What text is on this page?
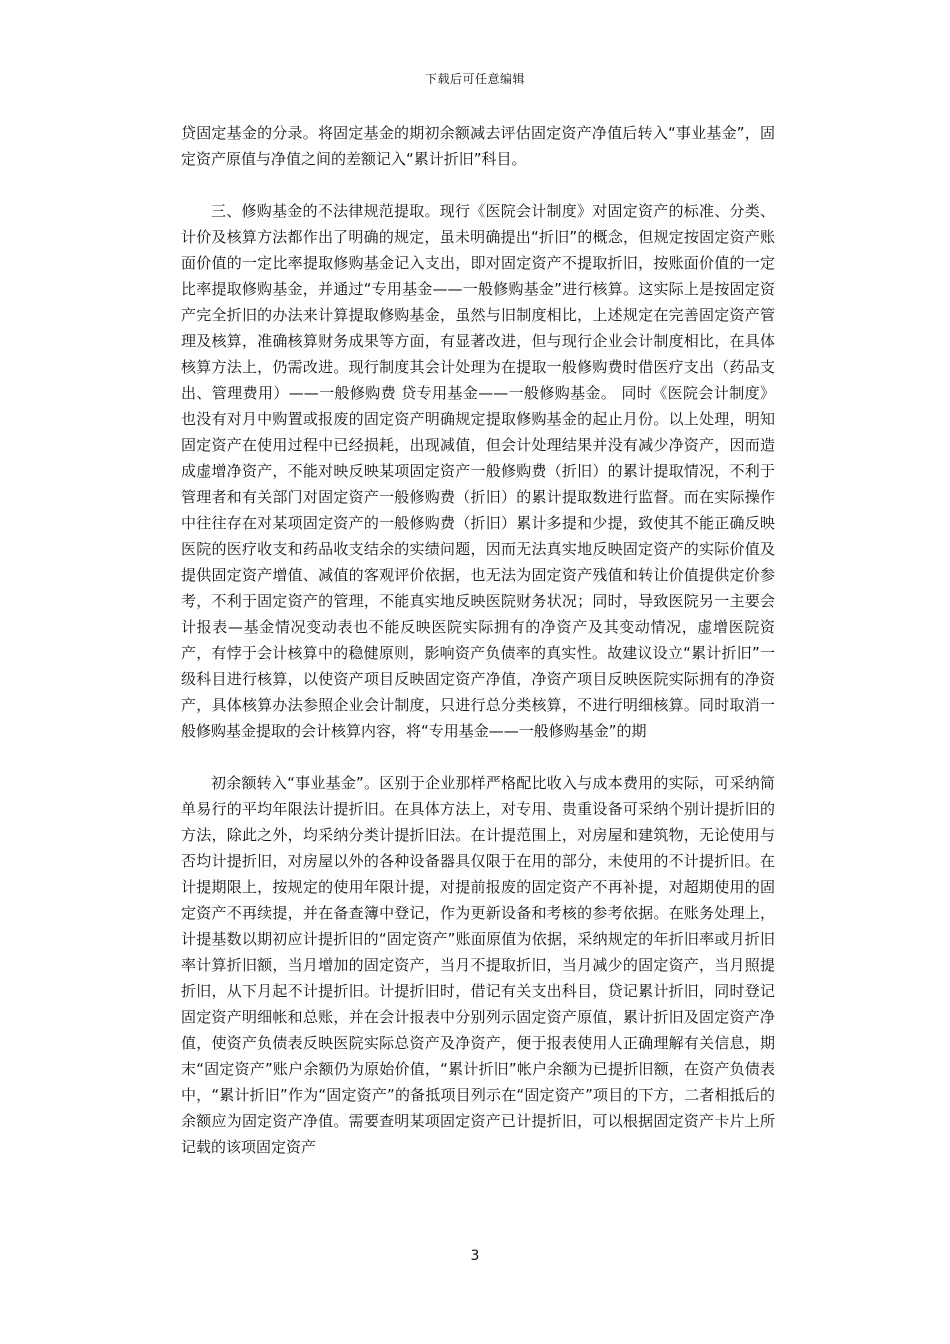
下载后可任意编辑

贷固定基金的分录。将固定基金的期初余额减去评估固定资产净值后转入“事业基金”，固定资产原值与净值之间的差额记入“累计折旧”科目。

三、修购基金的不法律规范提取。现行《医院会计制度》对固定资产的标准、分类、计价及核算方法都作出了明确的规定，虽未明确提出“折旧”的概念，但规定按固定资产账面价值的一定比率提取修购基金记入支出，即对固定资产不提取折旧，按账面价值的一定比率提取修购基金，并通过“专用基金——一般修购基金”进行核算。这实际上是按固定资产完全折旧的办法来计算提取修购基金，虽然与旧制度相比，上述规定在完善固定资产管理及核算，准确核算财务成果等方面，有显著改进，但与现行企业会计制度相比，在具体核算方法上，仍需改进。现行制度其会计处理为在提取一般修购费时借医疗支出（药品支出、管理费用）——一般修购费 贷专用基金——一般修购基金。 同时《医院会计制度》也没有对月中购置或报废的固定资产明确规定提取修购基金的起止月份。以上处理，明知固定资产在使用过程中已经损耗，出现减值，但会计处理结果并没有减少净资产，因而造成虚增净资产，不能对映反映某项固定资产一般修购费（折旧）的累计提取情况，不利于管理者和有关部门对固定资产一般修购费（折旧）的累计提取数进行监督。而在实际操作中往往存在对某项固定资产的一般修购费（折旧）累计多提和少提，致使其不能正确反映医院的医疗收支和药品收支结余的实绩问题，因而无法真实地反映固定资产的实际价值及提供固定资产增值、减值的客观评价依据，也无法为固定资产残值和转让价值提供定价参考，不利于固定资产的管理，不能真实地反映医院财务状况；同时，导致医院另一主要会计报表—基金情况变动表也不能反映医院实际拥有的净资产及其变动情况，虚增医院资产，有悖于会计核算中的稳健原则，影响资产负债率的真实性。故建议设立“累计折旧”一级科目进行核算，以使资产项目反映固定资产净值，净资产项目反映医院实际拥有的净资产，具体核算办法参照企业会计制度，只进行总分类核算，不进行明细核算。同时取消一般修购基金提取的会计核算内容，将“专用基金——一般修购基金”的期

初余额转入“事业基金”。区别于企业那样严格配比收入与成本费用的实际，可采纳简单易行的平均年限法计提折旧。在具体方法上，对专用、贵重设备可采纳个别计提折旧的方法，除此之外，均采纳分类计提折旧法。在计提范围上，对房屋和建筑物，无论使用与否均计提折旧，对房屋以外的各种设备器具仅限于在用的部分，未使用的不计提折旧。在计提期限上，按规定的使用年限计提，对提前报废的固定资产不再补提，对超期使用的固定资产不再续提，并在备查簿中登记，作为更新设备和考核的参考依据。在账务处理上，计提基数以期初应计提折旧的“固定资产”账面原值为依据，采纳规定的年折旧率或月折旧率计算折旧额，当月增加的固定资产，当月不提取折旧，当月减少的固定资产，当月照提折旧，从下月起不计提折旧。计提折旧时，借记有关支出科目，贷记累计折旧，同时登记固定资产明细帐和总账，并在会计报表中分别列示固定资产原值，累计折旧及固定资产净值，使资产负债表反映医院实际总资产及净资产，便于报表使用人正确理解有关信息，期末“固定资产”账户余额仍为原始价值，“累计折旧”帐户余额为已提折旧额，在资产负债表中，“累计折旧”作为“固定资产”的备抵项目列示在“固定资产”项目的下方，二者相抵后的余额应为固定资产净值。需要查明某项固定资产已计提折旧，可以根据固定资产卡片上所记载的该项固定资产

3
